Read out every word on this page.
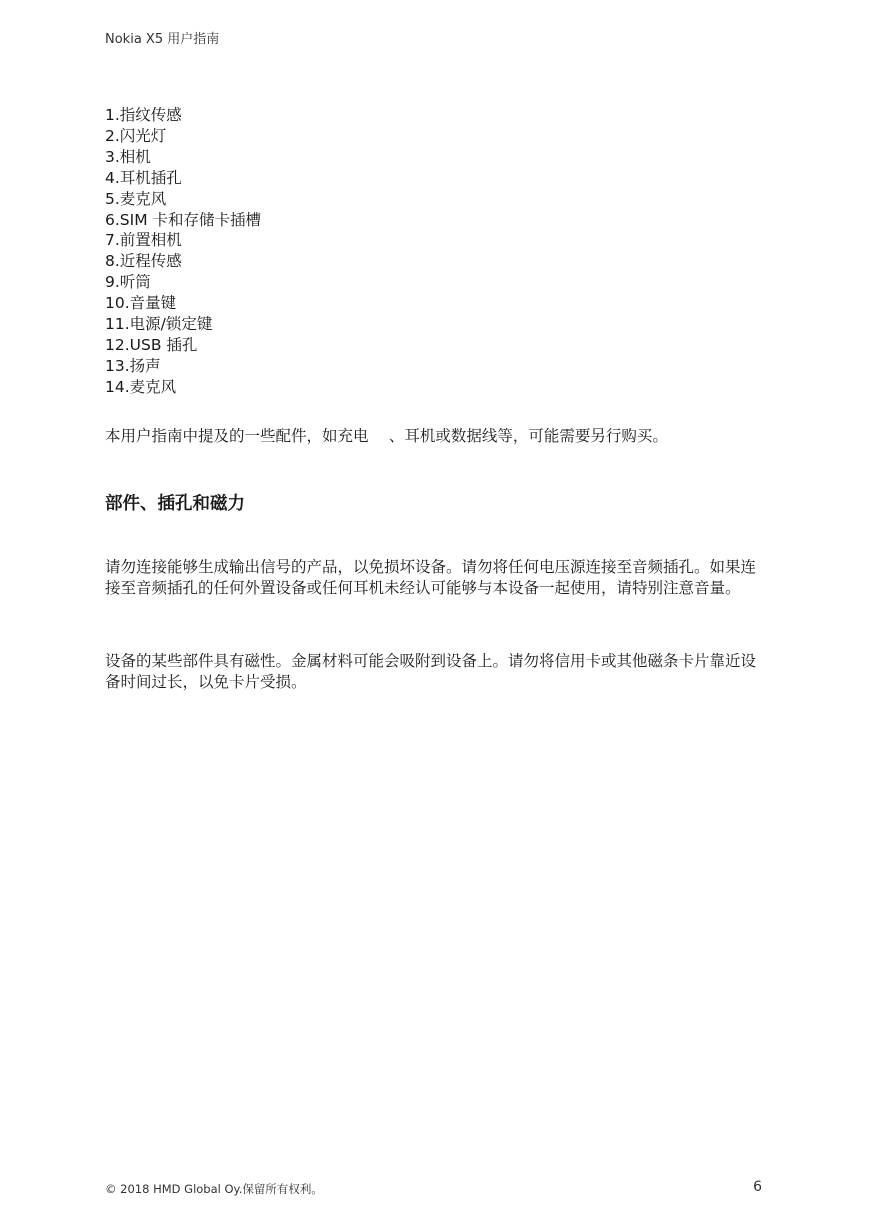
Nokia X5 用户指南
1.指纹传感
2.闪光灯
3.相机
4.耳机插孔
5.麦克风
6.SIM 卡和存储卡插槽
7.前置相机
8.近程传感
9.听筒
10.音量键
11.电源/锁定键
12.USB 插孔
13.扬声
14.麦克风

本用户指南中提及的一些配件，如充电 　、耳机或数据线等，可能需要另行购买。

部件、插孔和磁力

请勿连接能够生成输出信号的产品，以免损坏设备。请勿将任何电压源连接至音频插孔。如果连接至音频插孔的任何外置设备或任何耳机未经认可能够与本设备一起使用，请特别注意音量。

设备的某些部件具有磁性。金属材料可能会吸附到设备上。请勿将信用卡或其他磁条卡片靠近设备时间过长，以免卡片受损。

© 2018 HMD Global Oy.保留所有权利。	6
